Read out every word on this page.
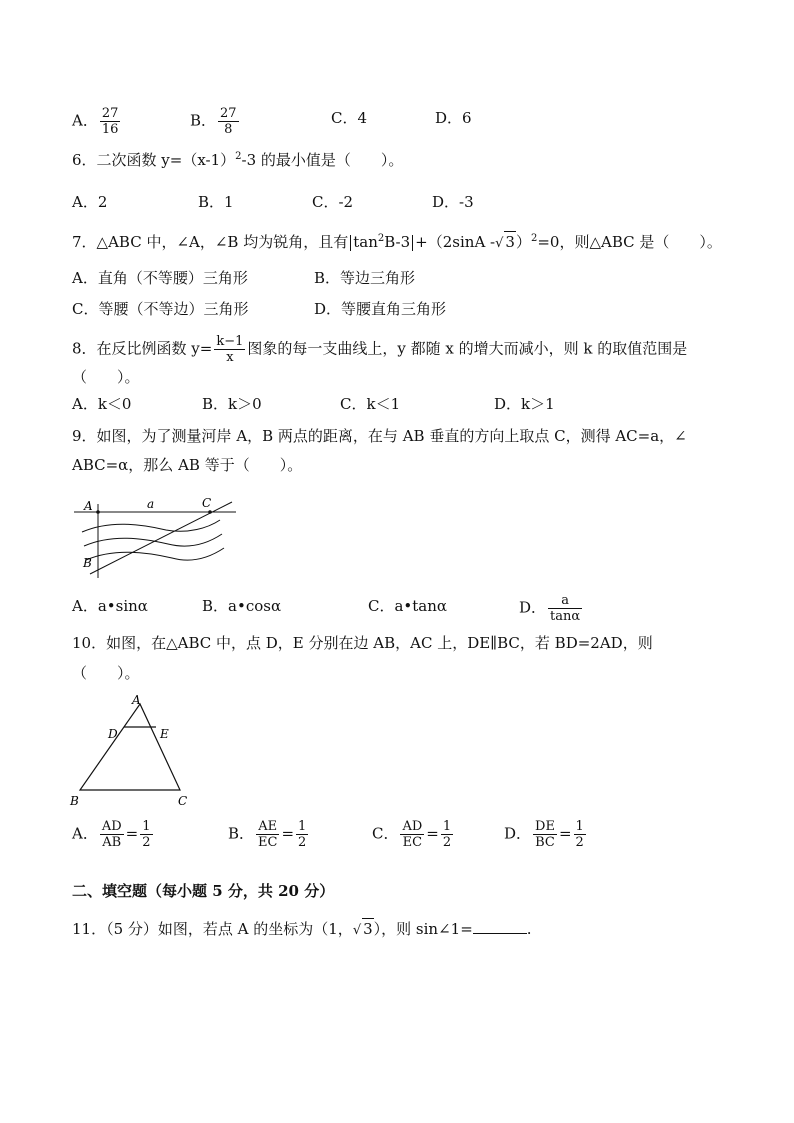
A． $\frac{27}{16}$	B． $\frac{27}{8}$	C．4	D．6
6．二次函数 $y=(x-1)^2-3$ 的最小值是（　　）。
A．2	B．1	C．-2	D．-3
7．△ABC 中，∠A，∠B 均为锐角，且有 $\tan^2B-3 +(2\sin A$ -√ 3）$^2$=0，则△ABC 是（　　）。
A．直角（不等腰）三角形	B．等边三角形
C．等腰（不等边）三角形	D．等腰直角三角形
8．在反比例函数 $y= \frac{k-1}{x}$ 图象的每一支曲线上，y 都随 x 的增大而减小，则 k 的取值范围是
（　　）。
A．k＜0	B．k＞0	C．k＜1	D．k＞1
9．如图，为了测量河岸 A，B 两点的距离，在与 AB 垂直的方向上取点 C，测得 AC=a，∠
ABC=α，那么 AB 等于（　　）。
A	a	C
B
A．a•sinα	B．a•cosα	C．a•tanα	D． $\frac{a}{\tan\alpha}$
10．如图，在△ABC 中，点 D，E 分别在边 AB，AC 上，DE∥BC，若 BD=2AD，则
（　　）。
A
D	E
B	C
A． $\frac{AD}{AB} = \frac{1}{2}$	B． $\frac{AE}{EC} = \frac{1}{2}$	C． $\frac{AD}{EC} = \frac{1}{2}$	D． $\frac{DE}{BC} = \frac{1}{2}$
二、填空题（每小题 5 分，共 20 分）
11．（5 分）如图，若点 A 的坐标为（1，√ 3），则 sin∠1=	.
